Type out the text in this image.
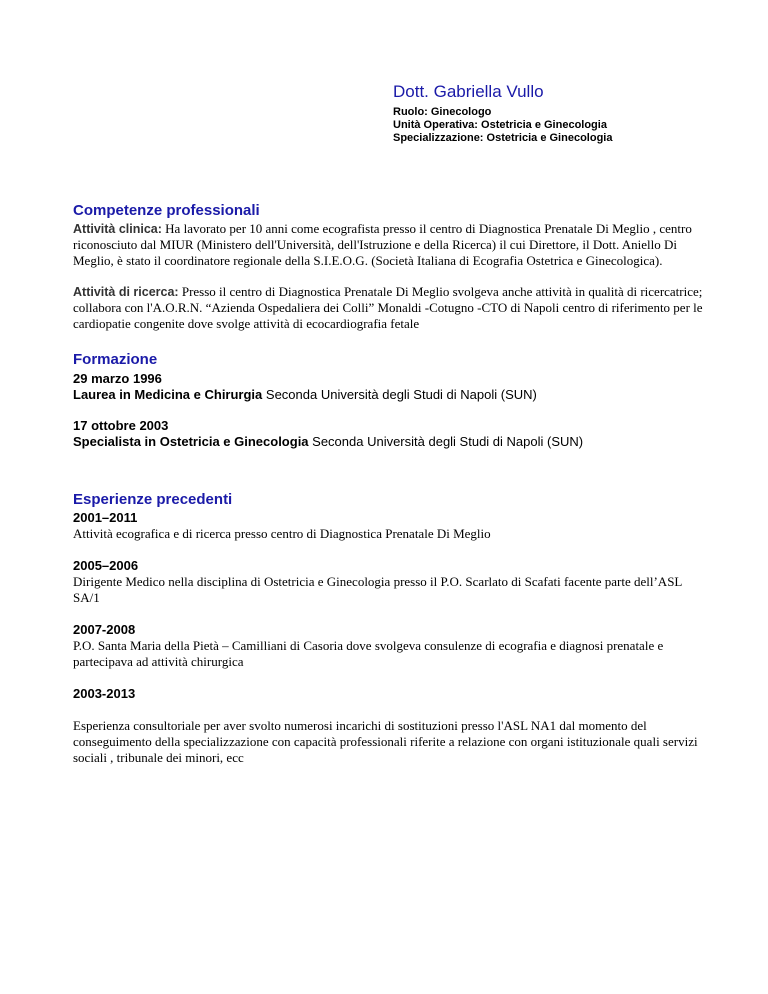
Dott. Gabriella Vullo
Ruolo: Ginecologo
Unità Operativa: Ostetricia e Ginecologia
Specializzazione: Ostetricia e Ginecologia
Competenze professionali

Attività clinica: Ha lavorato per 10 anni come ecografista presso il centro di Diagnostica Prenatale Di Meglio , centro riconosciuto dal MIUR (Ministero dell'Università, dell'Istruzione e della Ricerca) il cui Direttore, il Dott. Aniello Di Meglio, è stato il coordinatore regionale della S.I.E.O.G. (Società Italiana di Ecografia Ostetrica e Ginecologica).

Attività di ricerca: Presso il centro di Diagnostica Prenatale Di Meglio svolgeva anche attività in qualità di ricercatrice; collabora con l'A.O.R.N. “Azienda Ospedaliera dei Colli” Monaldi -Cotugno -CTO di Napoli centro di riferimento per le cardiopatie congenite dove svolge attività di ecocardiografia fetale

Formazione
29 marzo 1996
Laurea in Medicina e Chirurgia Seconda Università degli Studi di Napoli (SUN)
17 ottobre 2003
Specialista in Ostetricia e Ginecologia Seconda Università degli Studi di Napoli (SUN)
Esperienze precedenti
2001–2011

Attività ecografica e di ricerca presso centro di Diagnostica Prenatale Di Meglio

2005–2006

Dirigente Medico nella disciplina di Ostetricia e Ginecologia presso il P.O. Scarlato di Scafati facente parte dell’ASL SA/1

2007-2008

P.O. Santa Maria della Pietà – Camilliani di Casoria dove svolgeva consulenze di ecografia e diagnosi prenatale e partecipava ad attività chirurgica

2003-2013

Esperienza consultoriale per aver svolto numerosi incarichi di sostituzioni presso l'ASL NA1 dal momento del conseguimento della specializzazione con capacità professionali riferite a relazione con organi istituzionale quali servizi sociali , tribunale dei minori, ecc
